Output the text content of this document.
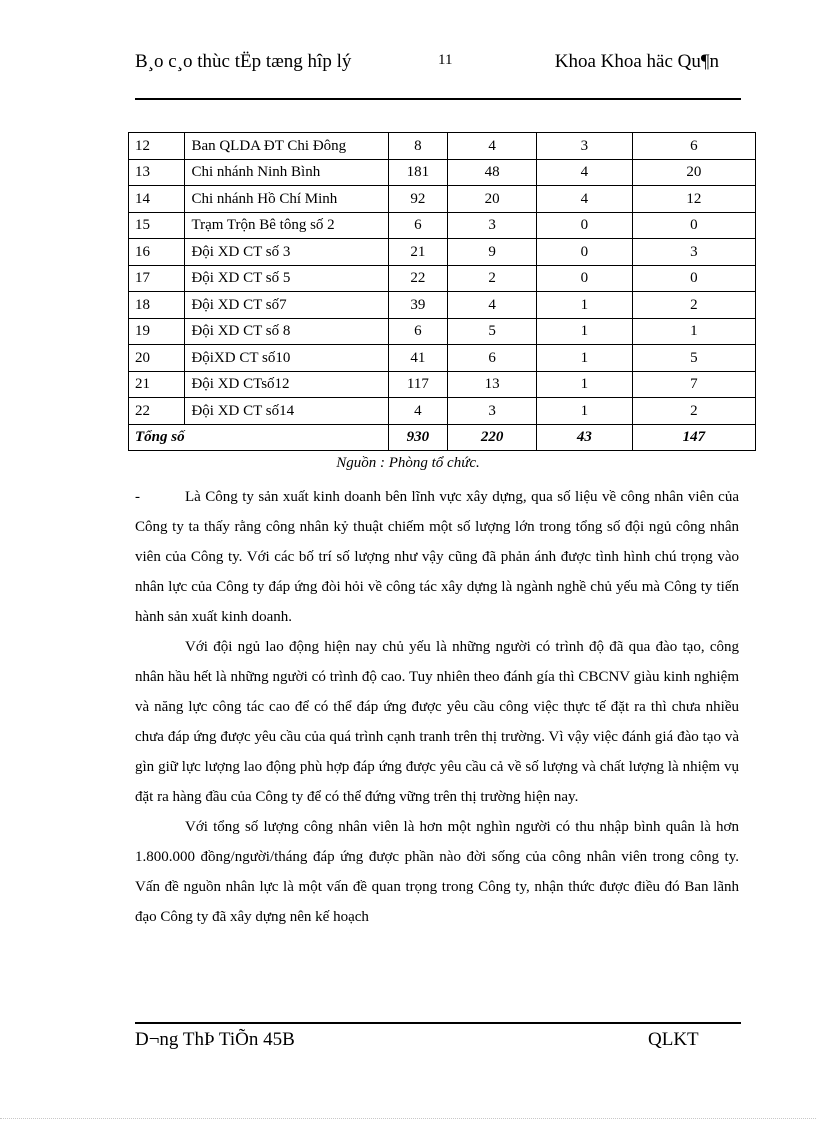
B¸o c¸o thùc tËp tæng hîp lý	11	Khoa Khoa häc Qu¶n
12	Ban QLDA ĐT Chi Đông	8	4	3	6
13	Chi nhánh Ninh Bình	181	48	4	20
14	Chi nhánh Hồ Chí Minh	92	20	4	12
15	Trạm Trộn Bê tông số 2	6	3	0	0
16	Đội XD CT số 3	21	9	0	3
17	Đội XD CT số 5	22	2	0	0
18	Đội XD CT số7	39	4	1	2
19	Đội XD CT số 8	6	5	1	1
20	ĐộiXD CT số10	41	6	1	5
21	Đội XD CTsố12	117	13	1	7
22	Đội XD CT số14	4	3	1	2
Tổng số		930	220	43	147
Nguồn : Phòng tổ chức.

-	Là Công ty sản xuất kinh doanh bên lĩnh vực xây dựng, qua số liệu về công nhân viên của Công ty ta thấy rằng công nhân kỷ thuật chiếm một số lượng lớn trong tổng số đội ngủ công nhân viên của Công ty. Với các bố trí số lượng như vậy cũng đã phản ánh được tình hình chú trọng vào nhân lực của Công ty đáp ứng đòi hỏi về công tác xây dựng là ngành nghề chủ yếu mà Công ty tiến hành sản xuất kinh doanh.

Với đội ngủ lao động hiện nay chủ yếu là những người có trình độ đã qua đào tạo, công nhân hầu hết là những người có trình độ cao. Tuy nhiên theo đánh gía thì CBCNV giàu kinh nghiệm và năng lực công tác cao để có thể đáp ứng được yêu cầu công việc thực tế đặt ra thì chưa nhiều chưa đáp ứng được yêu cầu của quá trình cạnh tranh trên thị trường. Vì vậy việc đánh giá đào tạo và gìn giữ lực lượng lao động phù hợp đáp ứng được yêu cầu cả về số lượng và chất lượng là nhiệm vụ đặt ra hàng đầu của Công ty để có thể đứng vững trên thị trường hiện nay.

Với tổng số lượng công nhân viên là hơn một nghìn người có thu nhập bình quân là hơn 1.800.000 đồng/người/tháng đáp ứng được phần nào đời sống của công nhân viên trong công ty. Vấn đề nguồn nhân lực là một vấn đề quan trọng trong Công ty, nhận thức được điều đó Ban lãnh đạo Công ty đã xây dựng nên kế hoạch

D¬ng ThÞ TiÕn 45B	QLKT
